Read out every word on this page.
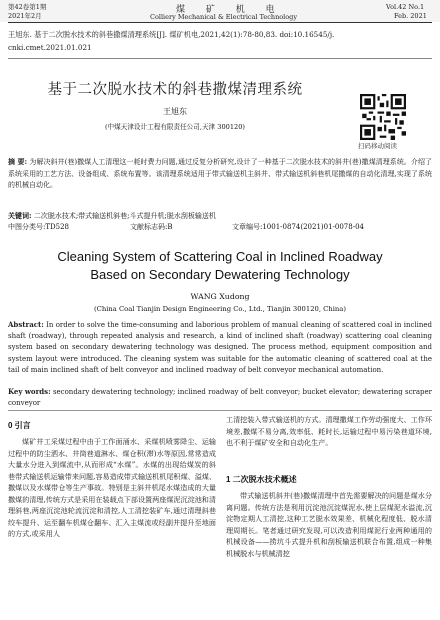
第42卷第1期
2021年2月
煤 矿 机 电
Colliery Mechanical & Electrical Technology
Vol.42 No.1
Feb. 2021
王旭东. 基于二次脱水技术的斜巷撒煤清理系统[J]. 煤矿机电,2021,42(1):78-80,83. doi:10.16545/j.
cnki.cmet.2021.01.021
基于二次脱水技术的斜巷撒煤清理系统
王旭东
(中煤天津设计工程有限责任公司,天津 300120)
扫码移动阅读
摘 要: 为解决斜井(巷)撒煤人工清理这一耗时费力问题,通过反复分析研究,设计了一种基于二次脱水技术的斜井(巷)撒煤清理系统。介绍了系统采用的工艺方法、设备组成、系统布置等。该清理系统适用于带式输送机主斜井、带式输送机斜巷机尾撒煤的自动化清理,实现了系统的机械自动化。
关键词: 二次脱水技术;带式输送机斜巷;斗式提升机;脱水刮板输送机
中图分类号:TD528	文献标志码:B	文章编号:1001-0874(2021)01-0078-04
Cleaning System of Scattering Coal in Inclined Roadway
Based on Secondary Dewatering Technology
WANG Xudong
(China Coal Tianjin Design Engineering Co., Ltd., Tianjin 300120, China)
Abstract: In order to solve the time-consuming and laborious problem of manual cleaning of scattered coal in inclined shaft (roadway), through repeated analysis and research, a kind of inclined shaft (roadway) scattering coal cleaning system based on secondary dewatering technology was designed. The process method, equipment composition and system layout were introduced. The cleaning system was suitable for the automatic cleaning of scattered coal at the tail of main inclined shaft of belt conveyor and inclined roadway of belt conveyor mechanical automation.
Key words: secondary dewatering technology; inclined roadway of belt conveyor; bucket elevator; dewatering scraper conveyor
0 引言
煤矿井工采煤过程中由于工作面涌水、采煤机喷雾降尘、运输过程中的防尘洒水、井筒巷道淋水、煤仓积(滞)水等原因,常常造成大量水分进入到煤流中,从而形成“水煤”。水煤的出现给煤炭的斜巷带式输送机运输带来问题,容易造成带式输送机机尾积煤、溢煤、撒煤以及水煤带仓等生产事故。特别是主斜井机尾水煤造成的大量撒煤的清理,传统方式是采用在装载点下部设置两座煤泥沉淀池和清理斜巷,两座沉淀池轮流沉淀和清控,人工清挖装矿车,通过清理斜巷绞车提升、运至翻车机煤仓翻车、汇入主煤流或经副井提升至地面的方式,或采用人
工清挖装入带式输送机的方式。清理撒煤工作劳动强度大、工作环境差,撒煤不易分离,效率低、耗时长,运输过程中易污染巷道环境,也不利于煤矿安全和自动化生产。
1 二次脱水技术概述
带式输送机斜井(巷)撒煤清理中首先需要解决的问题是煤水分离问题。传统方法是利用沉淀池沉淀煤泥水,使上层煤泥水溢流,沉淀物定期人工清挖,这种工艺脱水效果差、机械化程度低、脱水清理周期长。笔者通过研究发现,可以改造利用煤泥行业两种通用的机械设备——捞坑斗式提升机和刮板输送机联合布置,组成一种集机械脱水与机械清挖
